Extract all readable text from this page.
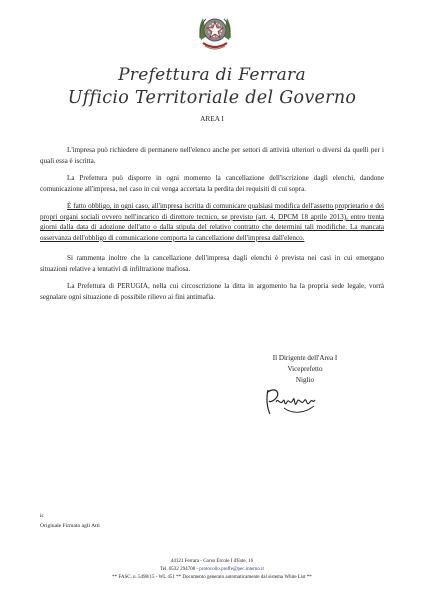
Prefettura di Ferrara
Ufficio Territoriale del Governo
AREA I

L'impresa può richiedere di permanere nell'elenco anche per settori di attività ulteriori o diversi da quelli per i quali essa è iscritta.

La Prefettura può disporre in ogni momento la cancellazione dell'iscrizione dagli elenchi, dandone comunicazione all'impresa, nel caso in cui venga accertata la perdita dei requisiti di cui sopra.

È fatto obbligo, in ogni caso, all'impresa iscritta di comunicare qualsiasi modifica dell'assetto proprietario e dei propri organi sociali ovvero nell'incarico di direttore tecnico, se previsto (art. 4, DPCM 18 aprile 2013), entro trenta giorni dalla data di adozione dell'atto o dalla stipula del relativo contratto che determini tali modifiche. La mancata osservanza dell'obbligo di comunicazione comporta la cancellazione dell'impresa dall'elenco.

Si rammenta inoltre che la cancellazione dell'impresa dagli elenchi è prevista nei casi in cui emergano situazioni relative a tentativi di infiltrazione mafiosa.

La Prefettura di PERUGIA, nella cui circoscrizione la ditta in argomento ha la propria sede legale, vorrà segnalare ogni situazione di possibile rilievo ai fini antimafia.

Il Dirigente dell'Area I
Viceprefetto
Niglio
ic
Originale Firmato agli Atti
44121 Ferrara - Corso Ercole I d'Este, 16
Tel. 0532 294708 - protocollo.preffe@pec.interno.it
** FASC. n. 5498/15 - WL 451 ** Documento generato automaticamente dal sistema White List **
